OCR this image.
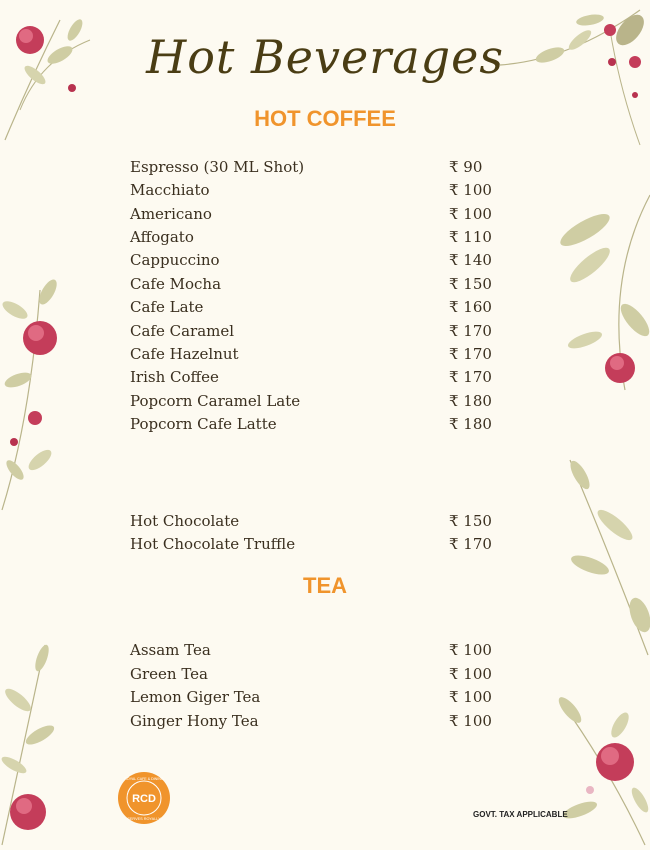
Hot Beverages
HOT COFFEE
Espresso (30 ML Shot)	₹ 90
Macchiato	₹ 100
Americano	₹ 100
Affogato	₹ 110
Cappuccino	₹ 140
Cafe Mocha	₹ 150
Cafe Late	₹ 160
Cafe Caramel	₹ 170
Cafe Hazelnut	₹ 170
Irish Coffee	₹ 170
Popcorn Caramel Late	₹ 180
Popcorn Cafe Latte	₹ 180
Hot Chocolate	₹ 150
Hot Chocolate Truffle	₹ 170
TEA
Assam Tea	₹ 100
Green Tea	₹ 100
Lemon Giger Tea	₹ 100
Ginger Hony Tea	₹ 100
RCD
ROYAL CAFE & DINING
SERVES ROYALLY	GOVT. TAX APPLICABLE
